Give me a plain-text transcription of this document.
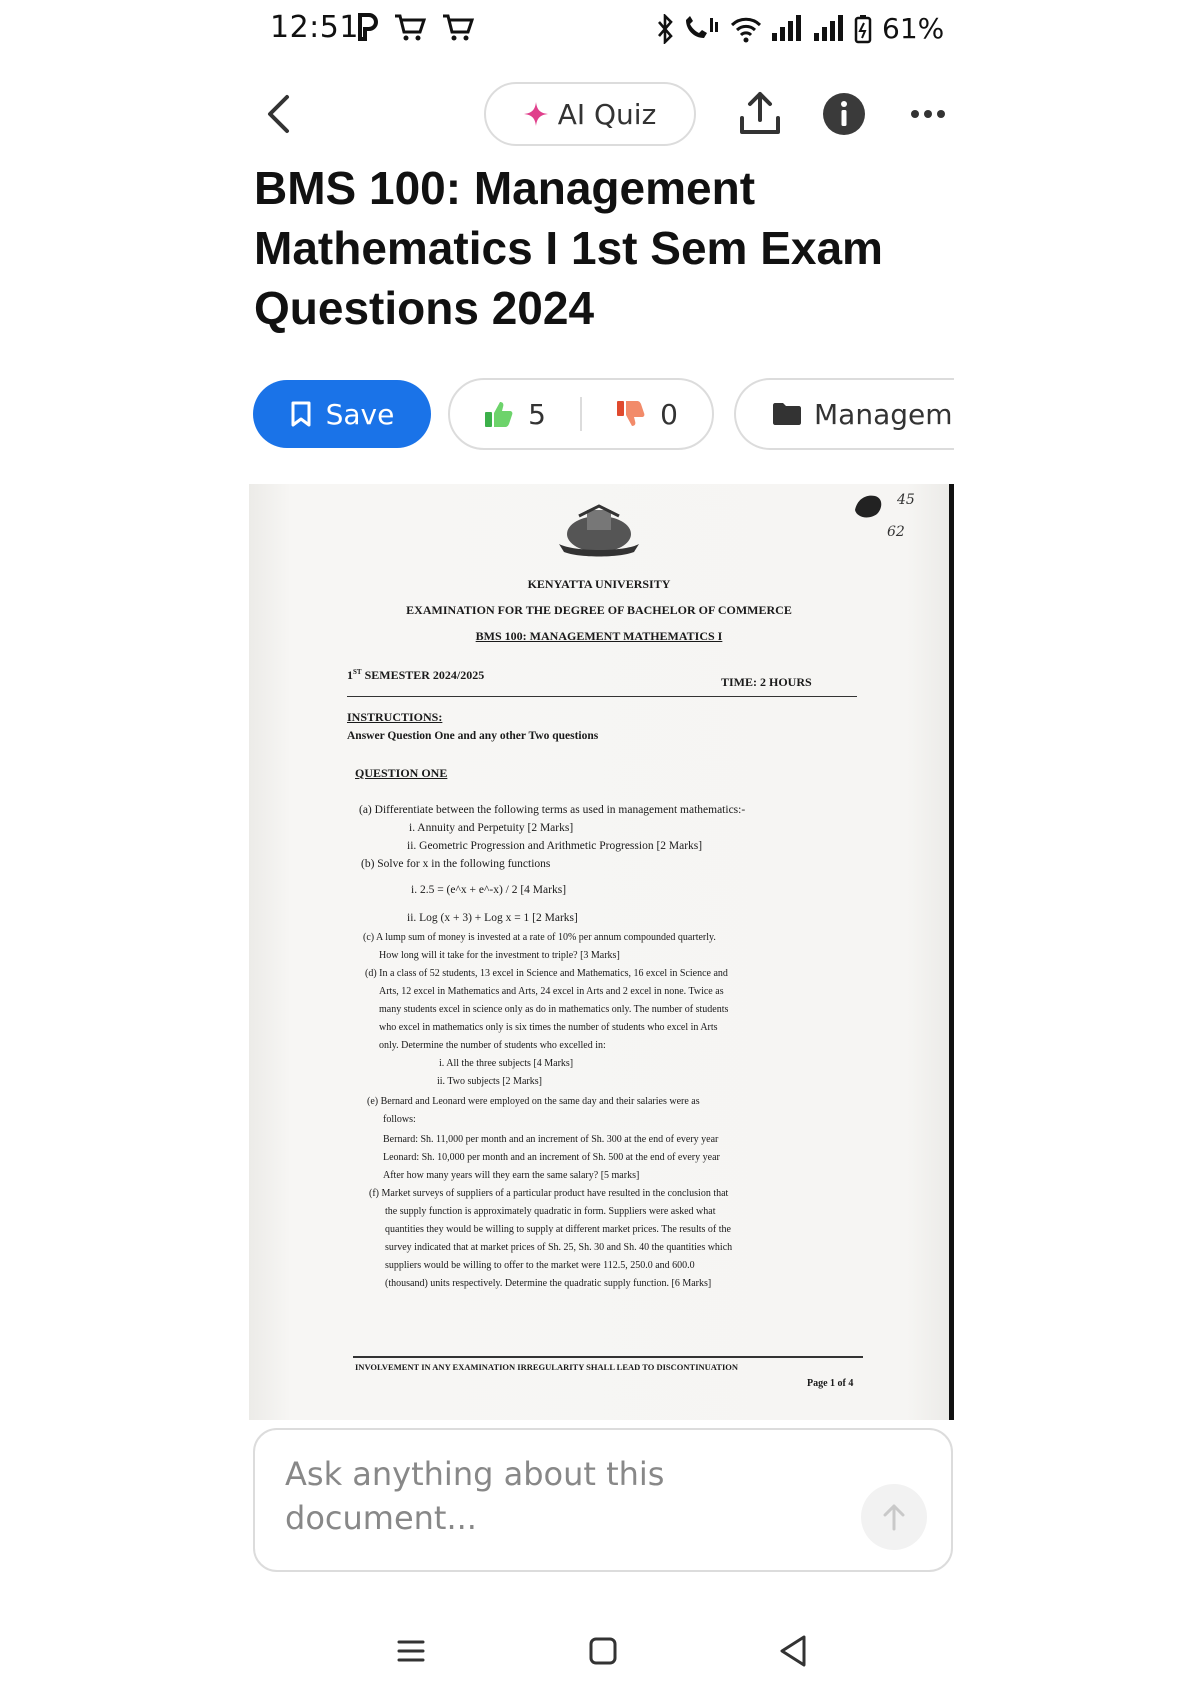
12:51	61%
AI Quiz
BMS 100: Management Mathematics I 1st Sem Exam Questions 2024
Save	5	0	Managem
45
62
KENYATTA UNIVERSITY
EXAMINATION FOR THE DEGREE OF BACHELOR OF COMMERCE
BMS 100: MANAGEMENT MATHEMATICS I
1ST SEMESTER 2024/2025	TIME: 2 HOURS
INSTRUCTIONS:
Answer Question One and any other Two questions
QUESTION ONE
(a) Differentiate between the following terms as used in management mathematics:-
i. Annuity and Perpetuity [2 Marks]
ii. Geometric Progression and Arithmetic Progression [2 Marks]
(b) Solve for x in the following functions
i. 2.5 = (e^x + e^-x) / 2 [4 Marks]
ii. Log (x + 3) + Log x = 1 [2 Marks]
(c) A lump sum of money is invested at a rate of 10% per annum compounded quarterly.
How long will it take for the investment to triple? [3 Marks]
(d) In a class of 52 students, 13 excel in Science and Mathematics, 16 excel in Science and
Arts, 12 excel in Mathematics and Arts, 24 excel in Arts and 2 excel in none. Twice as
many students excel in science only as do in mathematics only. The number of students
who excel in mathematics only is six times the number of students who excel in Arts
only. Determine the number of students who excelled in:
i. All the three subjects [4 Marks]
ii. Two subjects [2 Marks]
(e) Bernard and Leonard were employed on the same day and their salaries were as
follows:
Bernard: Sh. 11,000 per month and an increment of Sh. 300 at the end of every year
Leonard: Sh. 10,000 per month and an increment of Sh. 500 at the end of every year
After how many years will they earn the same salary? [5 marks]
(f) Market surveys of suppliers of a particular product have resulted in the conclusion that
the supply function is approximately quadratic in form. Suppliers were asked what
quantities they would be willing to supply at different market prices. The results of the
survey indicated that at market prices of Sh. 25, Sh. 30 and Sh. 40 the quantities which
suppliers would be willing to offer to the market were 112.5, 250.0 and 600.0
(thousand) units respectively. Determine the quadratic supply function. [6 Marks]
INVOLVEMENT IN ANY EXAMINATION IRREGULARITY SHALL LEAD TO DISCONTINUATION
Page 1 of 4
Ask anything about this document...
